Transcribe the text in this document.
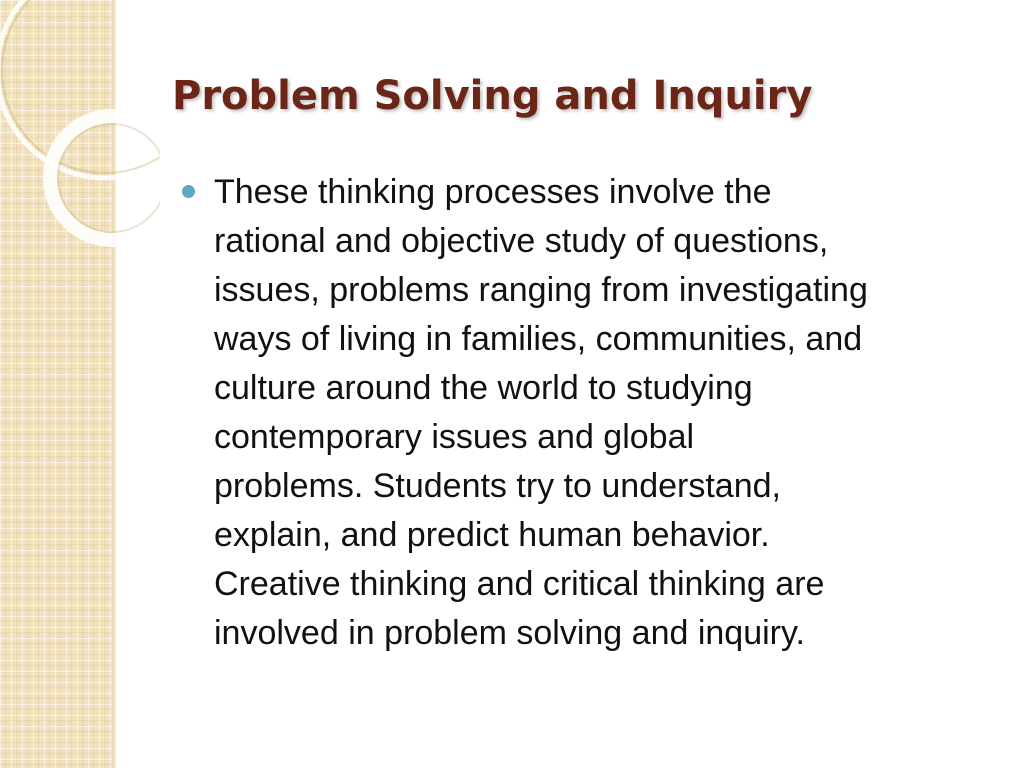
Problem Solving and Inquiry
These thinking processes involve the
rational and objective study of questions,
issues, problems ranging from investigating
ways of living in families, communities, and
culture around the world to studying
contemporary issues and global
problems. Students try to understand,
explain, and predict human behavior.
Creative thinking and critical thinking are
involved in problem solving and inquiry.
